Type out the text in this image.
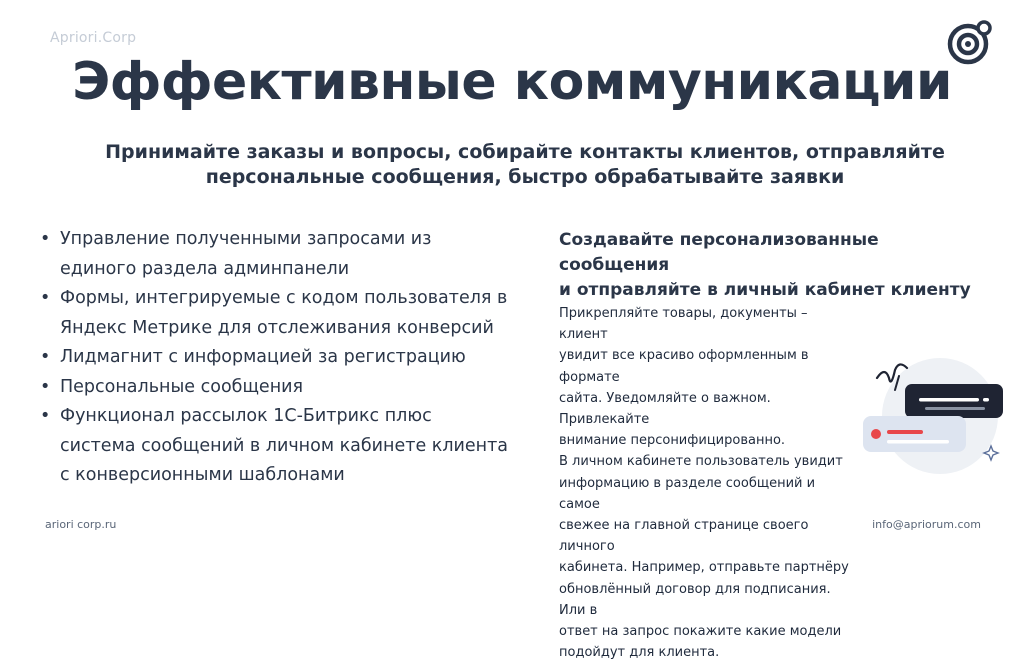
Apriori.Corp
Эффективные коммуникации
Принимайте заказы и вопросы, собирайте контакты клиентов, отправляйте
персональные сообщения, быстро обрабатывайте заявки
• Управление полученными запросами из единого раздела админпанели
• Формы, интегрируемые с кодом пользователя в Яндекс Метрике для отслеживания конверсий
• Лидмагнит с информацией за регистрацию
• Персональные сообщения
• Функционал рассылок 1С-Битрикс плюс система сообщений в личном кабинете клиента с конверсионными шаблонами
Создавайте персонализованные сообщения
и отправляйте в личный кабинет клиенту
Прикрепляйте товары, документы – клиент
увидит все красиво оформленным в формате
сайта. Уведомляйте о важном. Привлекайте
внимание персонифицированно.
В личном кабинете пользователь увидит
информацию в разделе сообщений и самое
свежее на главной странице своего личного
кабинета. Например, отправьте партнёру
обновлённый договор для подписания. Или в
ответ на запрос покажите какие модели
подойдут для клиента.
ariori corp.ru	info@apriorum.com
